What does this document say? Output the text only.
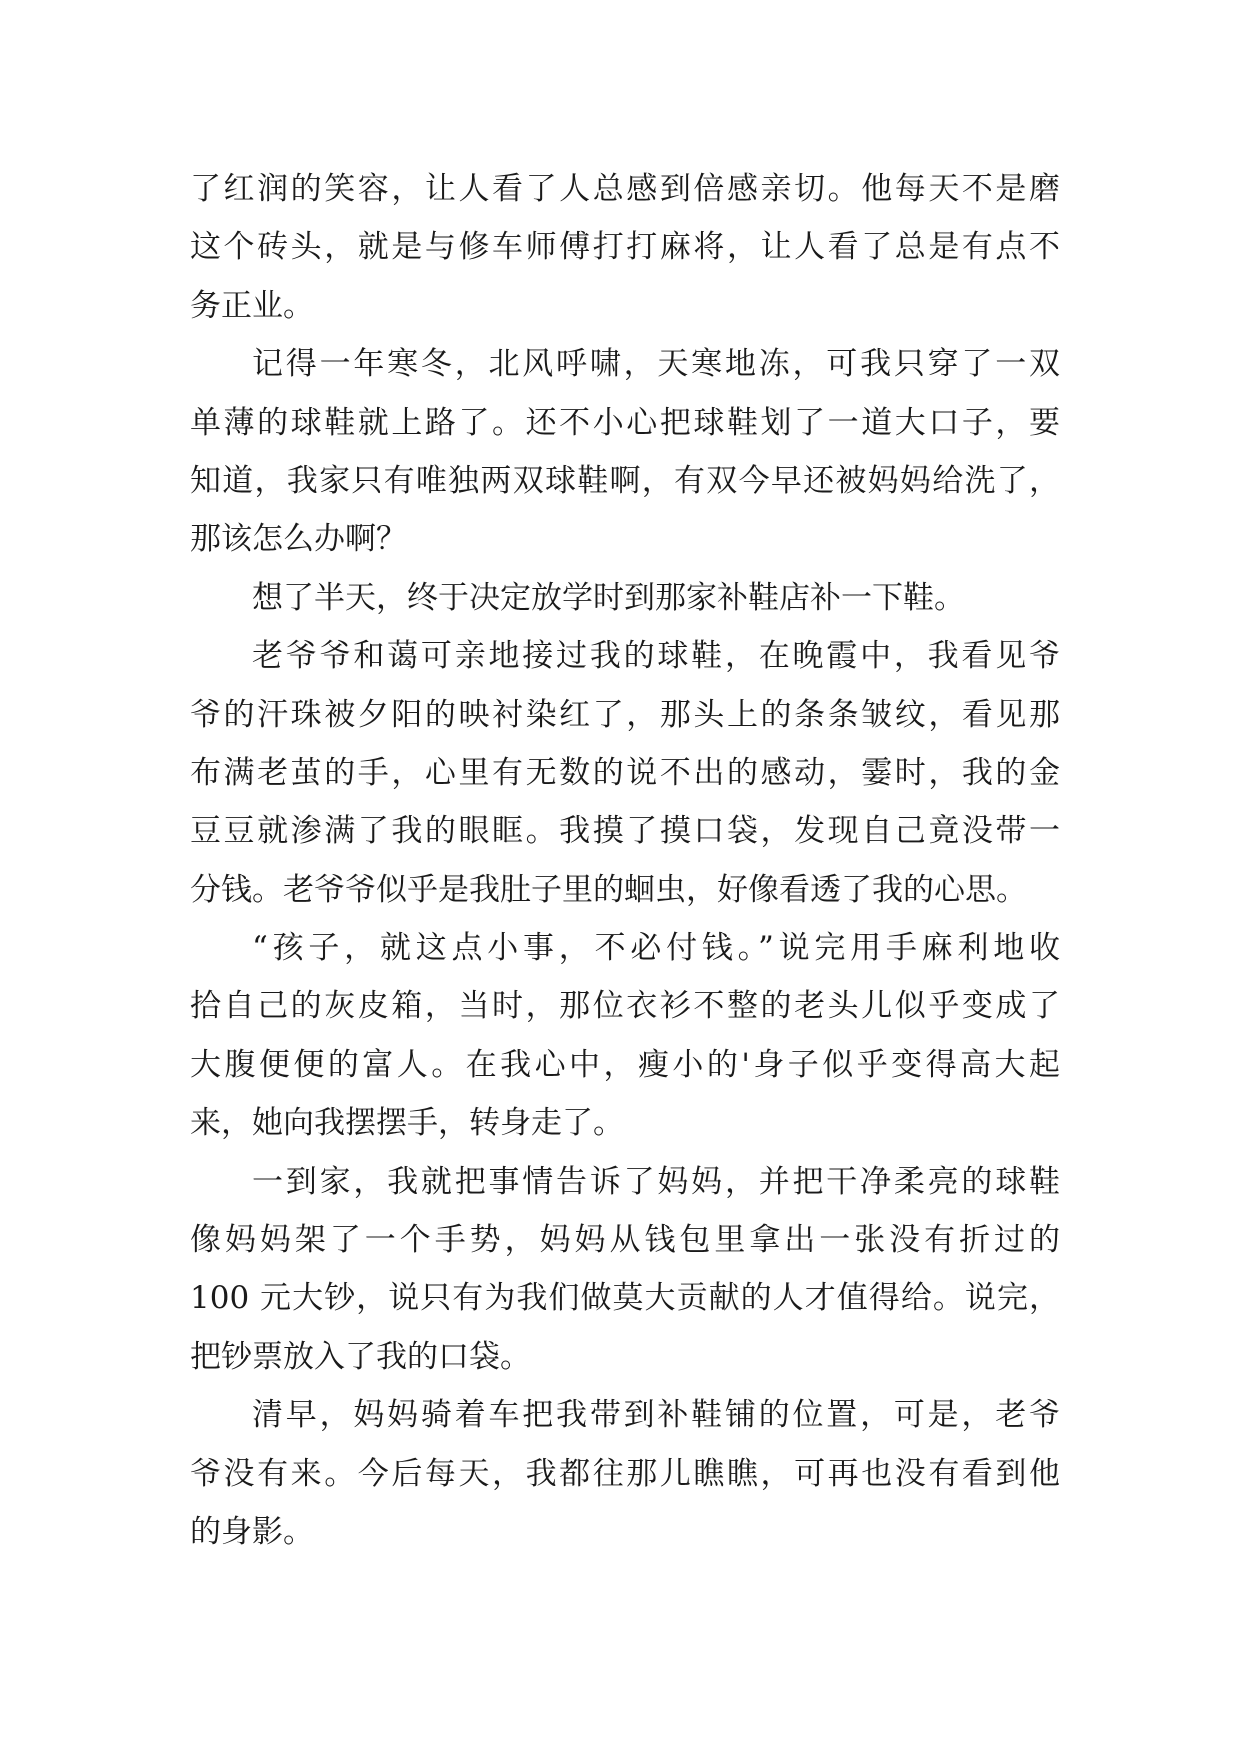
了红润的笑容，让人看了人总感到倍感亲切。他每天不是磨
这个砖头，就是与修车师傅打打麻将，让人看了总是有点不
务正业。
记得一年寒冬，北风呼啸，天寒地冻，可我只穿了一双
单薄的球鞋就上路了。还不小心把球鞋划了一道大口子，要
知道，我家只有唯独两双球鞋啊，有双今早还被妈妈给洗了，
那该怎么办啊？
想了半天，终于决定放学时到那家补鞋店补一下鞋。
老爷爷和蔼可亲地接过我的球鞋，在晚霞中，我看见爷
爷的汗珠被夕阳的映衬染红了，那头上的条条皱纹，看见那
布满老茧的手，心里有无数的说不出的感动，霎时，我的金
豆豆就渗满了我的眼眶。我摸了摸口袋，发现自己竟没带一
分钱。老爷爷似乎是我肚子里的蛔虫，好像看透了我的心思。
“孩子，就这点小事，不必付钱。”说完用手麻利地收
拾自己的灰皮箱，当时，那位衣衫不整的老头儿似乎变成了
大腹便便的富人。在我心中，瘦小的'身子似乎变得高大起
来，她向我摆摆手，转身走了。
一到家，我就把事情告诉了妈妈，并把干净柔亮的球鞋
像妈妈架了一个手势，妈妈从钱包里拿出一张没有折过的
100 元大钞，说只有为我们做莫大贡献的人才值得给。说完，
把钞票放入了我的口袋。
清早，妈妈骑着车把我带到补鞋铺的位置，可是，老爷
爷没有来。今后每天，我都往那儿瞧瞧，可再也没有看到他
的身影。
